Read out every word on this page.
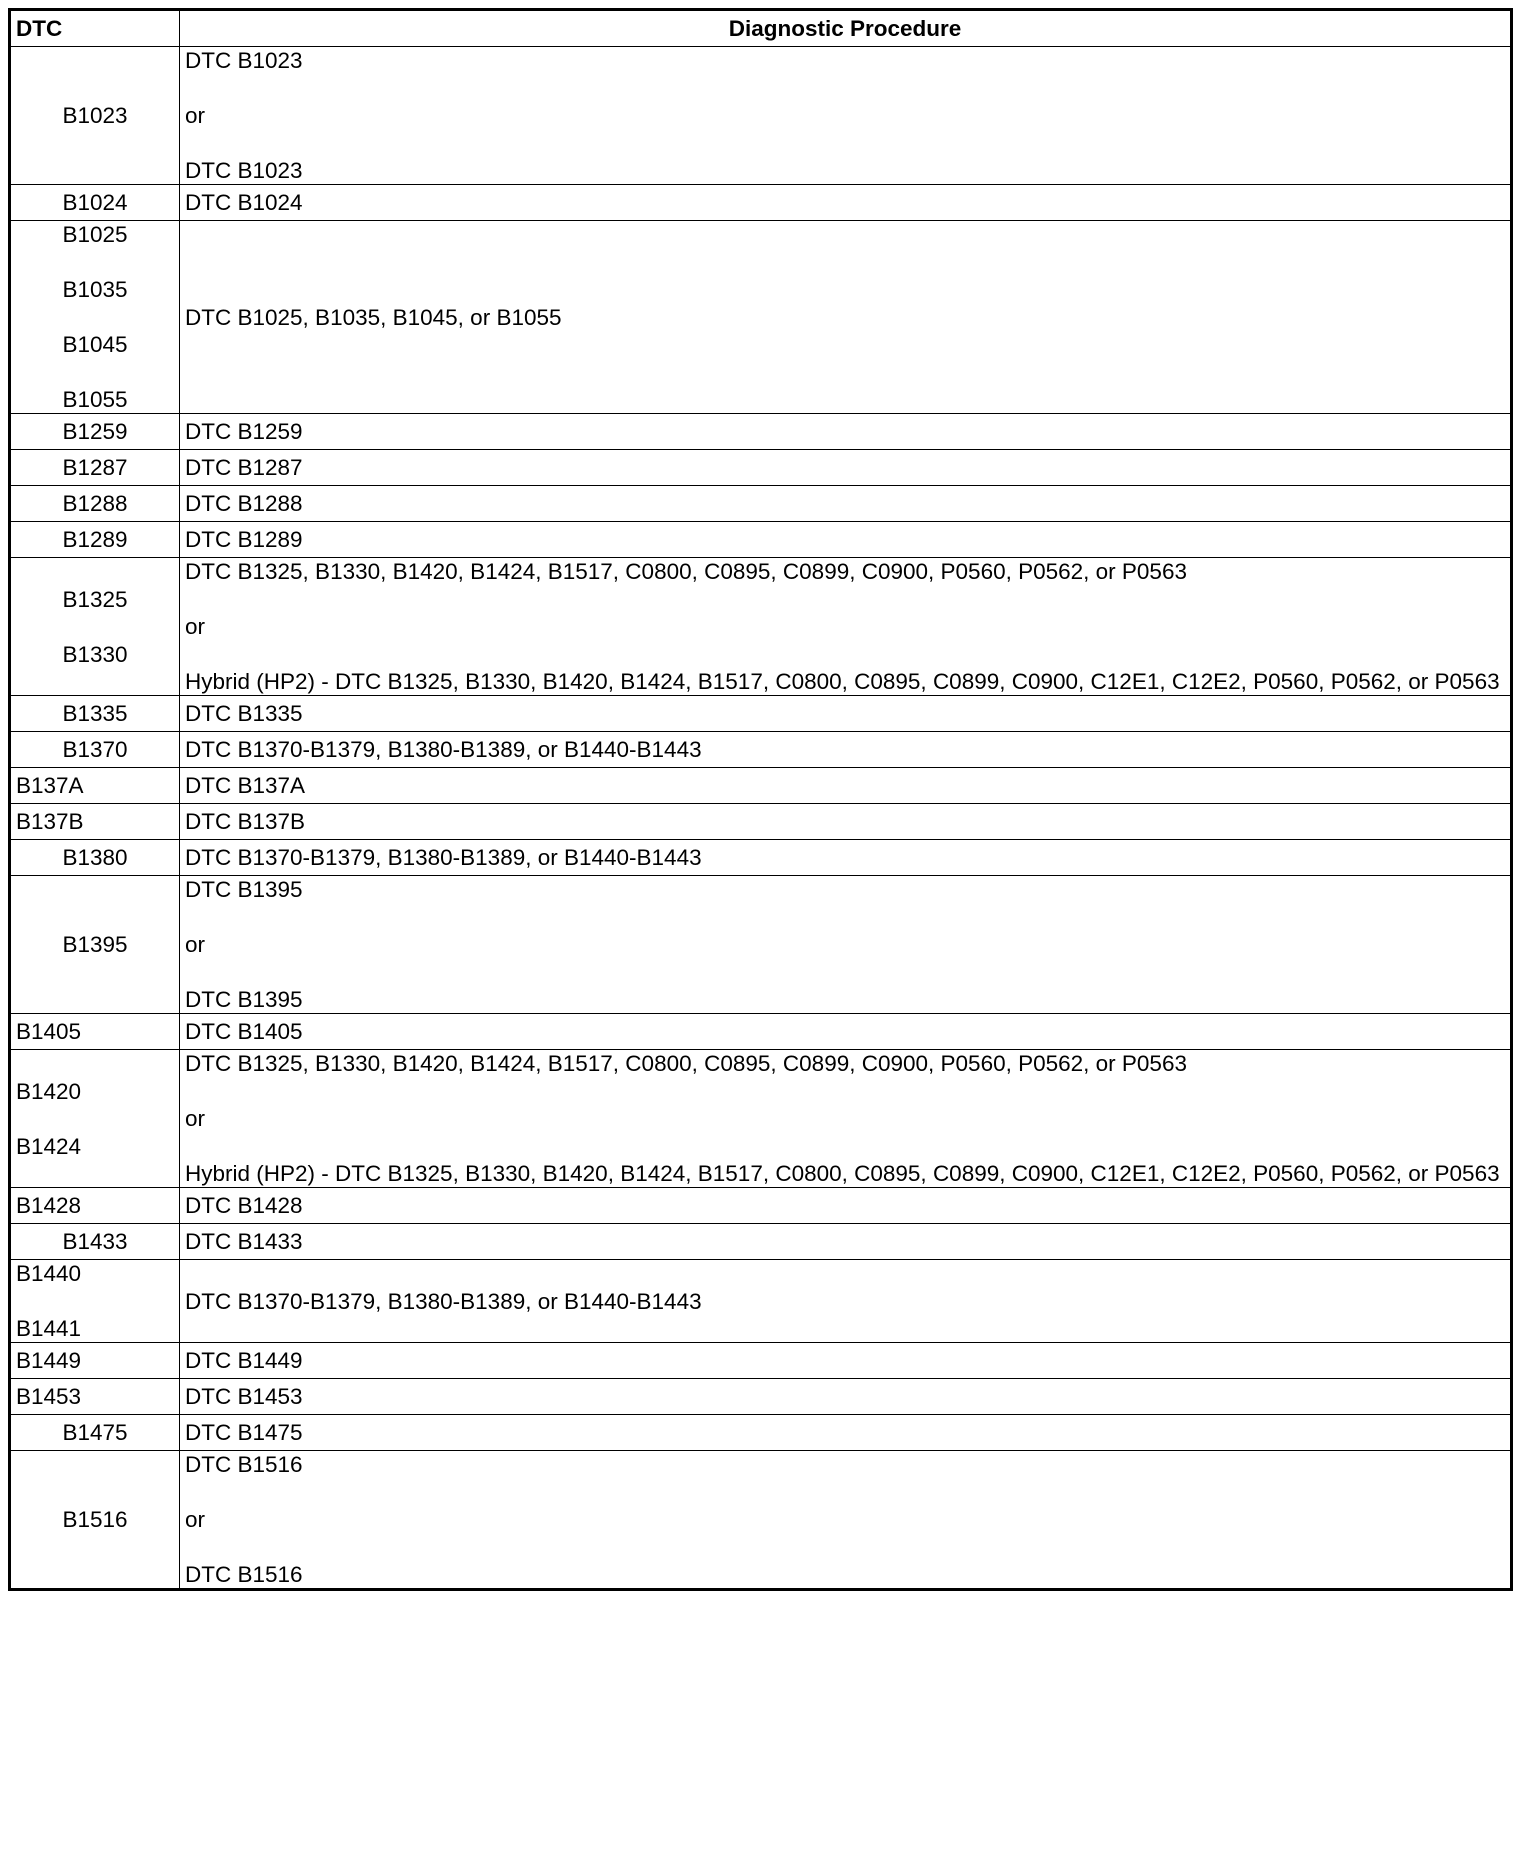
DTC	Diagnostic Procedure

B1023	DTC B1023
or
DTC B1023

B1024	DTC B1024

B1025
B1035
B1045
B1055	DTC B1025, B1035, B1045, or B1055

B1259	DTC B1259

B1287	DTC B1287

B1288	DTC B1288

B1289	DTC B1289

B1325
B1330	DTC B1325, B1330, B1420, B1424, B1517, C0800, C0895, C0899, C0900, P0560, P0562, or P0563
or
Hybrid (HP2) - DTC B1325, B1330, B1420, B1424, B1517, C0800, C0895, C0899, C0900, C12E1, C12E2, P0560, P0562, or P0563

B1335	DTC B1335

B1370	DTC B1370-B1379, B1380-B1389, or B1440-B1443

B137A	DTC B137A

B137B	DTC B137B

B1380	DTC B1370-B1379, B1380-B1389, or B1440-B1443

B1395	DTC B1395
or
DTC B1395

B1405	DTC B1405

B1420
B1424	DTC B1325, B1330, B1420, B1424, B1517, C0800, C0895, C0899, C0900, P0560, P0562, or P0563
or
Hybrid (HP2) - DTC B1325, B1330, B1420, B1424, B1517, C0800, C0895, C0899, C0900, C12E1, C12E2, P0560, P0562, or P0563

B1428	DTC B1428

B1433	DTC B1433

B1440
B1441	DTC B1370-B1379, B1380-B1389, or B1440-B1443

B1449	DTC B1449

B1453	DTC B1453

B1475	DTC B1475

B1516	DTC B1516
or
DTC B1516
